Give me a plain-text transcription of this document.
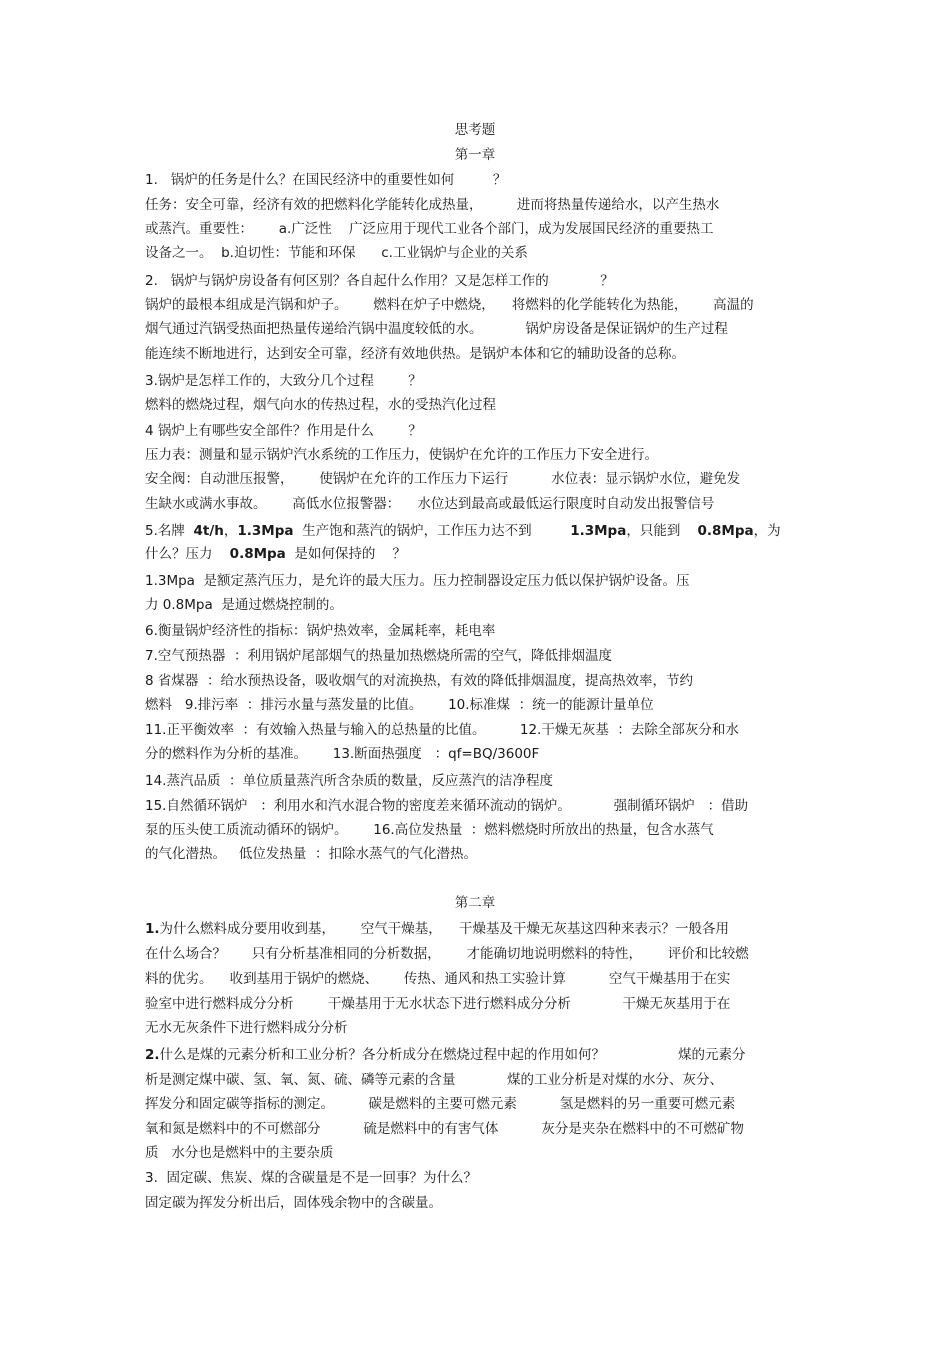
思考题
第一章
1.   锅炉的任务是什么？在国民经济中的重要性如何         ？
任务：安全可靠，经济有效的把燃料化学能转化成热量，        进而将热量传递给水，以产生热水
或蒸汽。重要性：      a.广泛性    广泛应用于现代工业各个部门，成为发展国民经济的重要热工
设备之一。  b.迫切性：节能和环保      c.工业锅炉与企业的关系
2.   锅炉与锅炉房设备有何区别？各自起什么作用？又是怎样工作的            ？
锅炉的最根本组成是汽锅和炉子。      燃料在炉子中燃烧，    将燃料的化学能转化为热能，      高温的
烟气通过汽锅受热面把热量传递给汽锅中温度较低的水。          锅炉房设备是保证锅炉的生产过程
能连续不断地进行，达到安全可靠，经济有效地供热。是锅炉本体和它的辅助设备的总称。
3.锅炉是怎样工作的，大致分几个过程        ？
燃料的燃烧过程，烟气向水的传热过程，水的受热汽化过程
4 锅炉上有哪些安全部件？作用是什么        ？
压力表：测量和显示锅炉汽水系统的工作压力，使锅炉在允许的工作压力下安全进行。
安全阀：自动泄压报警，      使锅炉在允许的工作压力下运行          水位表：显示锅炉水位，避免发
生缺水或满水事故。      高低水位报警器：    水位达到最高或最低运行限度时自动发出报警信号
5.名牌  4t/h，1.3Mpa  生产饱和蒸汽的锅炉，工作压力达不到         1.3Mpa，只能到    0.8Mpa，为
什么？压力    0.8Mpa  是如何保持的    ？
1.3Mpa  是额定蒸汽压力，是允许的最大压力。压力控制器设定压力低以保护锅炉设备。压
力 0.8Mpa  是通过燃烧控制的。
6.衡量锅炉经济性的指标：锅炉热效率，金属耗率，耗电率
7.空气预热器  ：利用锅炉尾部烟气的热量加热燃烧所需的空气，降低排烟温度
8 省煤器  ：给水预热设备，吸收烟气的对流换热，有效的降低排烟温度，提高热效率，节约
燃料   9.排污率  ：排污水量与蒸发量的比值。      10.标准煤  ：统一的能源计量单位
11.正平衡效率  ：有效输入热量与输入的总热量的比值。        12.干燥无灰基  ：去除全部灰分和水
分的燃料作为分析的基准。      13.断面热强度   ：qf=BQ/3600F
14.蒸汽品质  ：单位质量蒸汽所含杂质的数量，反应蒸汽的洁净程度
15.自然循环锅炉   ：利用水和汽水混合物的密度差来循环流动的锅炉。          强制循环锅炉   ：借助
泵的压头使工质流动循环的锅炉。      16.高位发热量  ：燃料燃烧时所放出的热量，包含水蒸气
的气化潜热。   低位发热量  ：扣除水蒸气的气化潜热。
第二章
1.为什么燃料成分要用收到基，      空气干燥基，    干燥基及干燥无灰基这四种来表示？一般各用
在什么场合？      只有分析基准相同的分析数据，      才能确切地说明燃料的特性，      评价和比较燃
料的优劣。    收到基用于锅炉的燃烧、      传热、通风和热工实验计算          空气干燥基用于在实
验室中进行燃料成分分析        干燥基用于无水状态下进行燃料成分分析            干燥无灰基用于在
无水无灰条件下进行燃料成分分析
2.什么是煤的元素分析和工业分析？各分析成分在燃烧过程中起的作用如何？                 煤的元素分
析是测定煤中碳、氢、氧、氮、硫、磷等元素的含量            煤的工业分析是对煤的水分、灰分、
挥发分和固定碳等指标的测定。        碳是燃料的主要可燃元素          氢是燃料的另一重要可燃元素
氧和氮是燃料中的不可燃部分          硫是燃料中的有害气体          灰分是夹杂在燃料中的不可燃矿物
质   水分也是燃料中的主要杂质
3.  固定碳、焦炭、煤的含碳量是不是一回事？为什么？
固定碳为挥发分析出后，固体残余物中的含碳量。
